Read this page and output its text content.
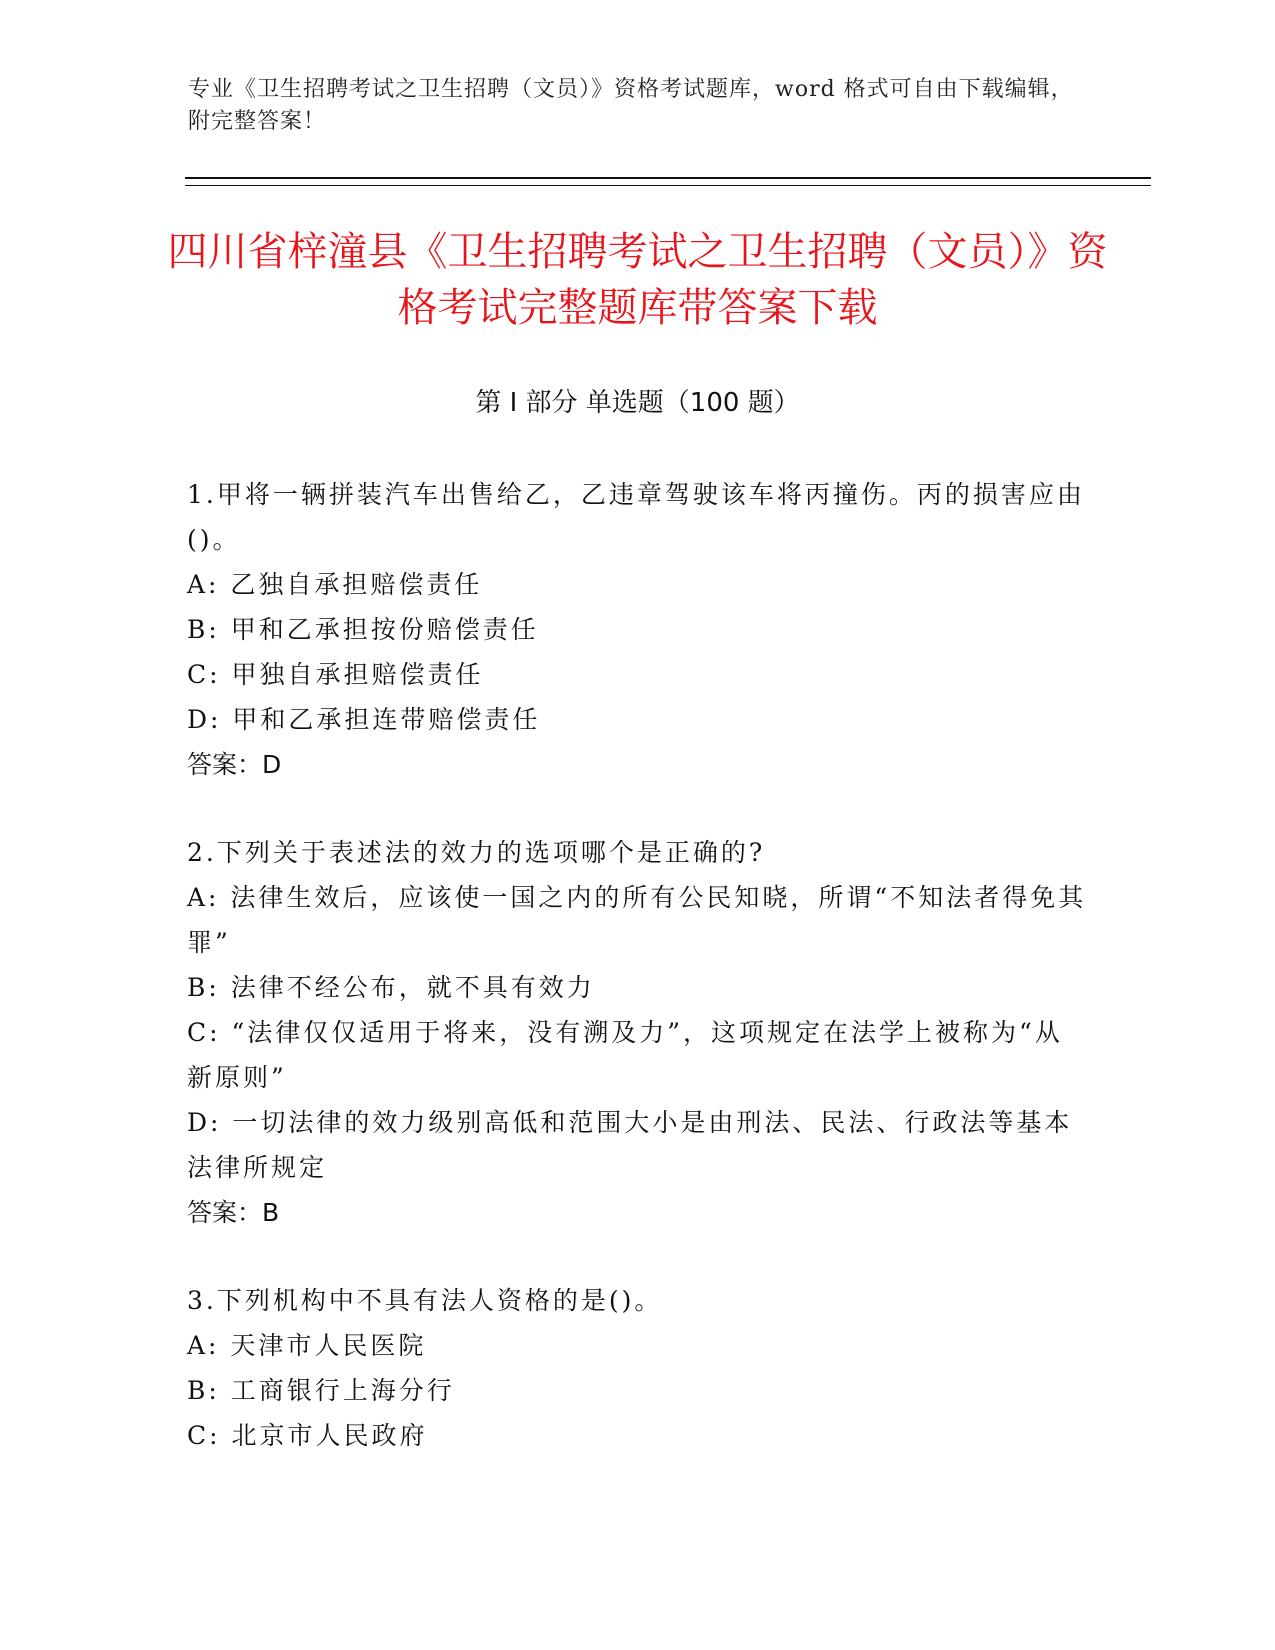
专业《卫生招聘考试之卫生招聘（文员）》资格考试题库，word 格式可自由下载编辑，附完整答案！
四川省梓潼县《卫生招聘考试之卫生招聘（文员）》资格考试完整题库带答案下载
第 I 部分 单选题（100 题）
1.甲将一辆拼装汽车出售给乙，乙违章驾驶该车将丙撞伤。丙的损害应由()。
A: 乙独自承担赔偿责任
B: 甲和乙承担按份赔偿责任
C: 甲独自承担赔偿责任
D: 甲和乙承担连带赔偿责任
答案：D
2.下列关于表述法的效力的选项哪个是正确的?
A: 法律生效后，应该使一国之内的所有公民知晓，所谓“不知法者得免其罪”
B: 法律不经公布，就不具有效力
C: “法律仅仅适用于将来，没有溯及力”，这项规定在法学上被称为“从新原则”
D: 一切法律的效力级别高低和范围大小是由刑法、民法、行政法等基本法律所规定
答案：B
3.下列机构中不具有法人资格的是()。
A: 天津市人民医院
B: 工商银行上海分行
C: 北京市人民政府
